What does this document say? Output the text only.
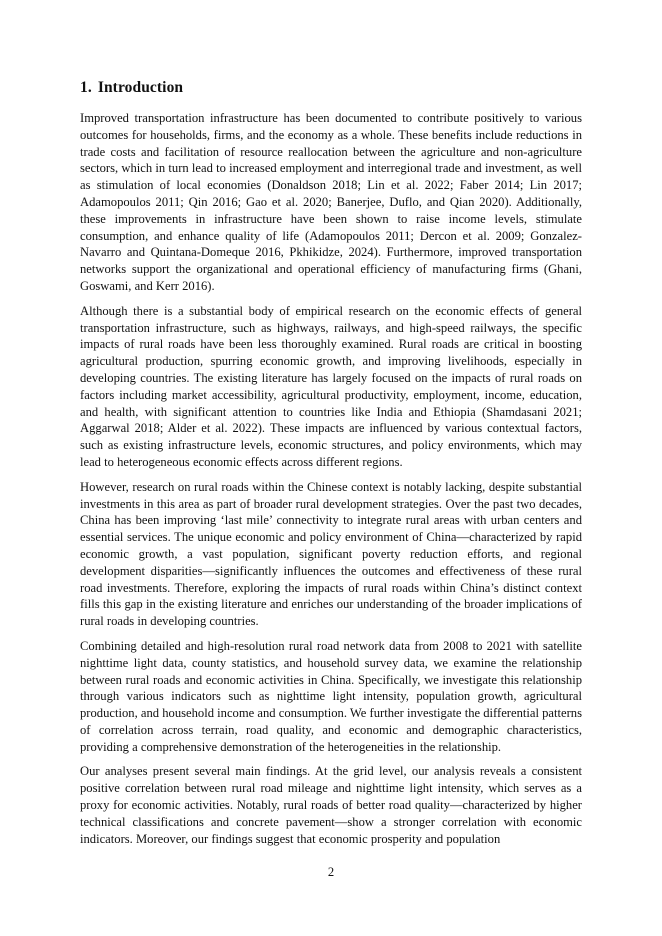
1. Introduction

Improved transportation infrastructure has been documented to contribute positively to various outcomes for households, firms, and the economy as a whole. These benefits include reductions in trade costs and facilitation of resource reallocation between the agriculture and non-agriculture sectors, which in turn lead to increased employment and interregional trade and investment, as well as stimulation of local economies (Donaldson 2018; Lin et al. 2022; Faber 2014; Lin 2017; Adamopoulos 2011; Qin 2016; Gao et al. 2020; Banerjee, Duflo, and Qian 2020). Additionally, these improvements in infrastructure have been shown to raise income levels, stimulate consumption, and enhance quality of life (Adamopoulos 2011; Dercon et al. 2009; Gonzalez-Navarro and Quintana-Domeque 2016, Pkhikidze, 2024). Furthermore, improved transportation networks support the organizational and operational efficiency of manufacturing firms (Ghani, Goswami, and Kerr 2016).

Although there is a substantial body of empirical research on the economic effects of general transportation infrastructure, such as highways, railways, and high-speed railways, the specific impacts of rural roads have been less thoroughly examined. Rural roads are critical in boosting agricultural production, spurring economic growth, and improving livelihoods, especially in developing countries. The existing literature has largely focused on the impacts of rural roads on factors including market accessibility, agricultural productivity, employment, income, education, and health, with significant attention to countries like India and Ethiopia (Shamdasani 2021; Aggarwal 2018; Alder et al. 2022). These impacts are influenced by various contextual factors, such as existing infrastructure levels, economic structures, and policy environments, which may lead to heterogeneous economic effects across different regions.

However, research on rural roads within the Chinese context is notably lacking, despite substantial investments in this area as part of broader rural development strategies. Over the past two decades, China has been improving ‘last mile’ connectivity to integrate rural areas with urban centers and essential services. The unique economic and policy environment of China—characterized by rapid economic growth, a vast population, significant poverty reduction efforts, and regional development disparities—significantly influences the outcomes and effectiveness of these rural road investments. Therefore, exploring the impacts of rural roads within China’s distinct context fills this gap in the existing literature and enriches our understanding of the broader implications of rural roads in developing countries.

Combining detailed and high-resolution rural road network data from 2008 to 2021 with satellite nighttime light data, county statistics, and household survey data, we examine the relationship between rural roads and economic activities in China. Specifically, we investigate this relationship through various indicators such as nighttime light intensity, population growth, agricultural production, and household income and consumption. We further investigate the differential patterns of correlation across terrain, road quality, and economic and demographic characteristics, providing a comprehensive demonstration of the heterogeneities in the relationship.

Our analyses present several main findings. At the grid level, our analysis reveals a consistent positive correlation between rural road mileage and nighttime light intensity, which serves as a proxy for economic activities. Notably, rural roads of better road quality—characterized by higher technical classifications and concrete pavement—show a stronger correlation with economic indicators. Moreover, our findings suggest that economic prosperity and population

2
